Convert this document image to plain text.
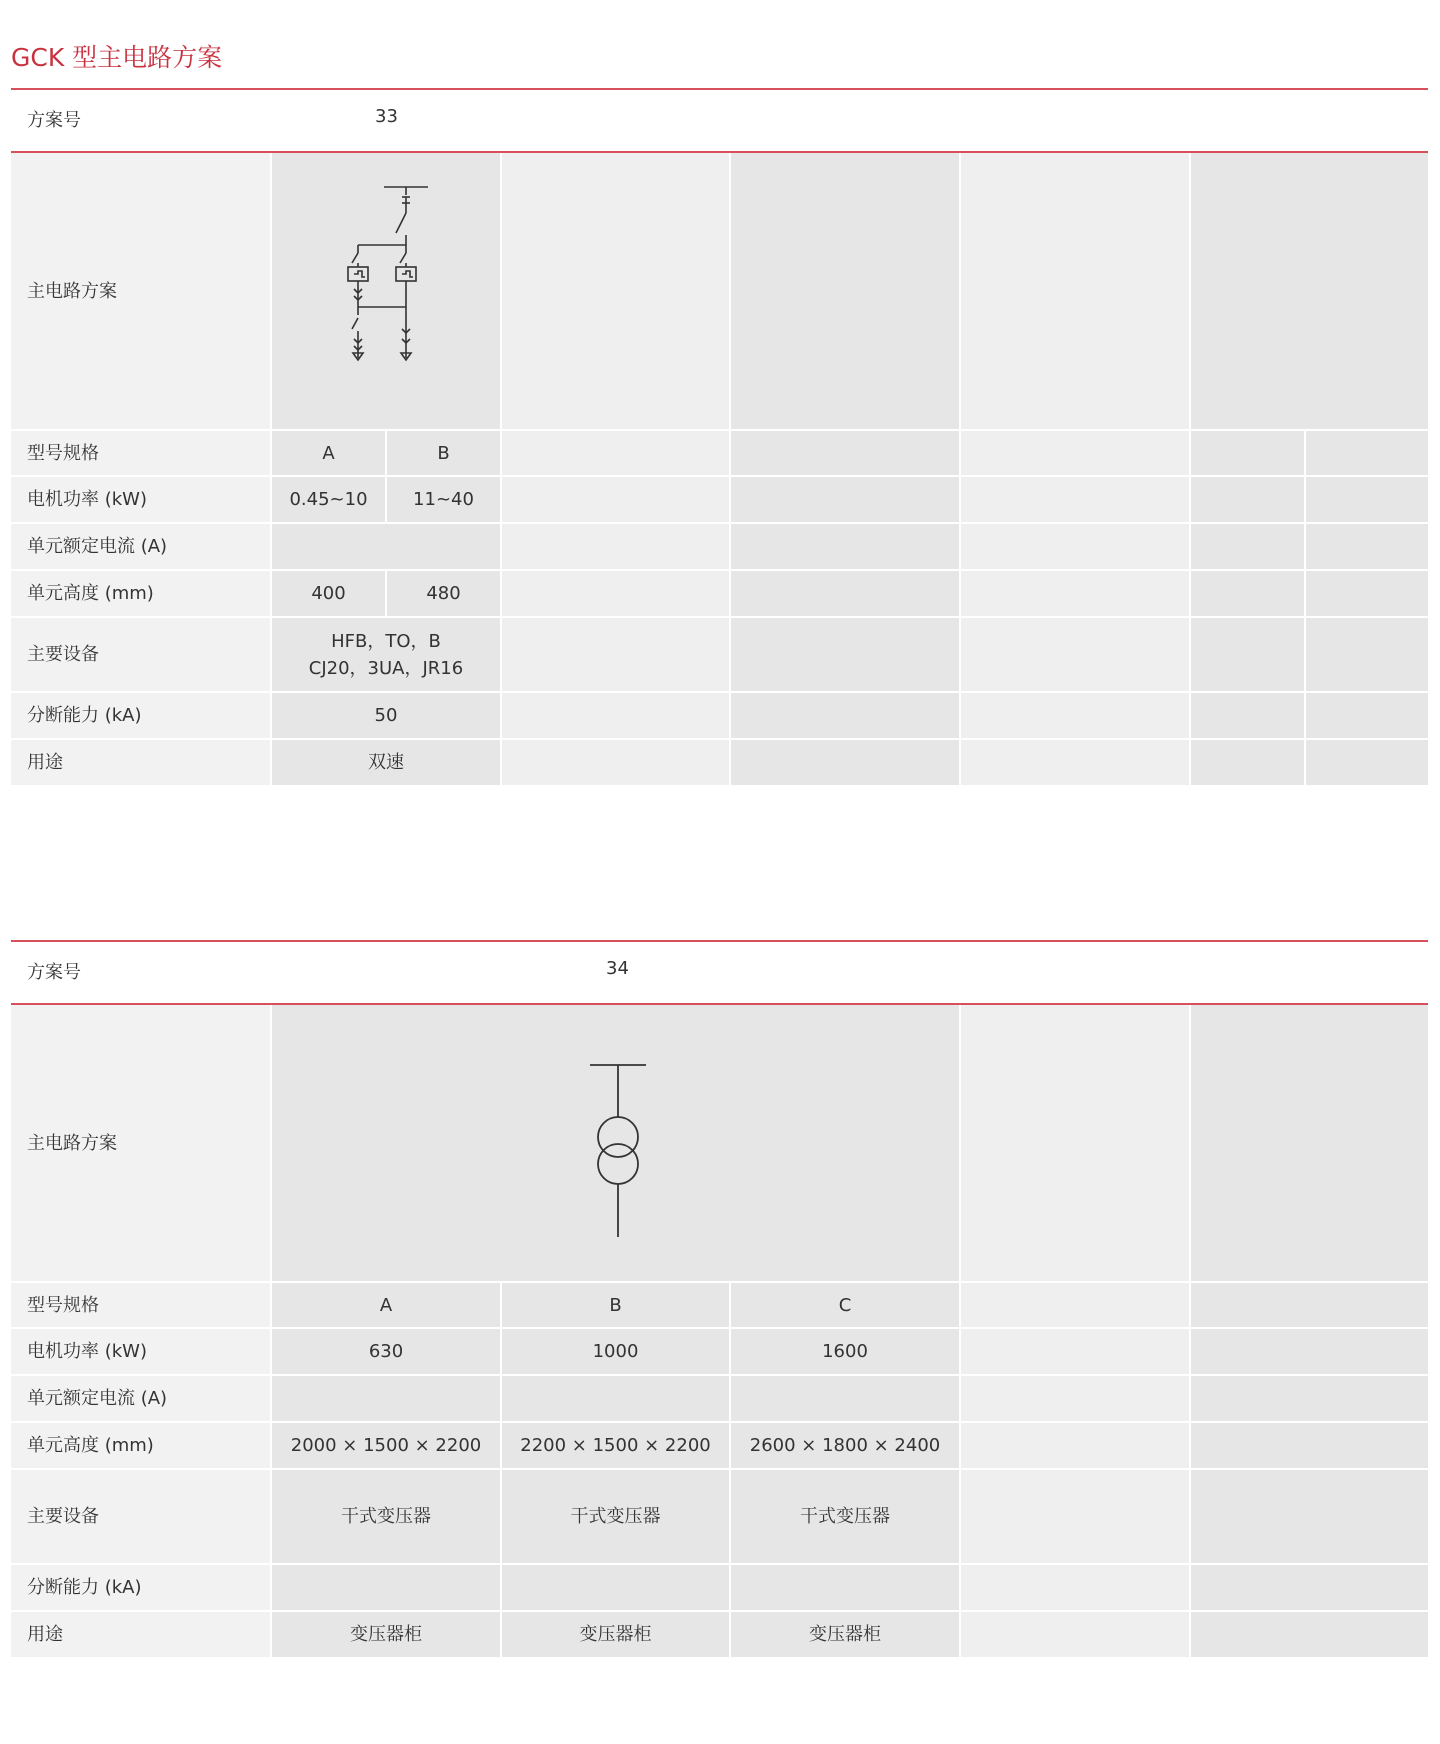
GCK 型主电路方案
方案号	33
主电路方案
型号规格	A	B
电机功率 (kW)	0.45~10	11~40
单元额定电流 (A)
单元高度 (mm)	400	480
主要设备
HFB，TO，B
CJ20，3UA，JR16
分断能力 (kA)	50
用途	双速
方案号	34
主电路方案
型号规格	A	B	C
电机功率 (kW)	630	1000	1600
单元额定电流 (A)
单元高度 (mm)	2000 × 1500 × 2200	2200 × 1500 × 2200	2600 × 1800 × 2400
主要设备	干式变压器	干式变压器	干式变压器
分断能力 (kA)
用途	变压器柜	变压器柜	变压器柜
